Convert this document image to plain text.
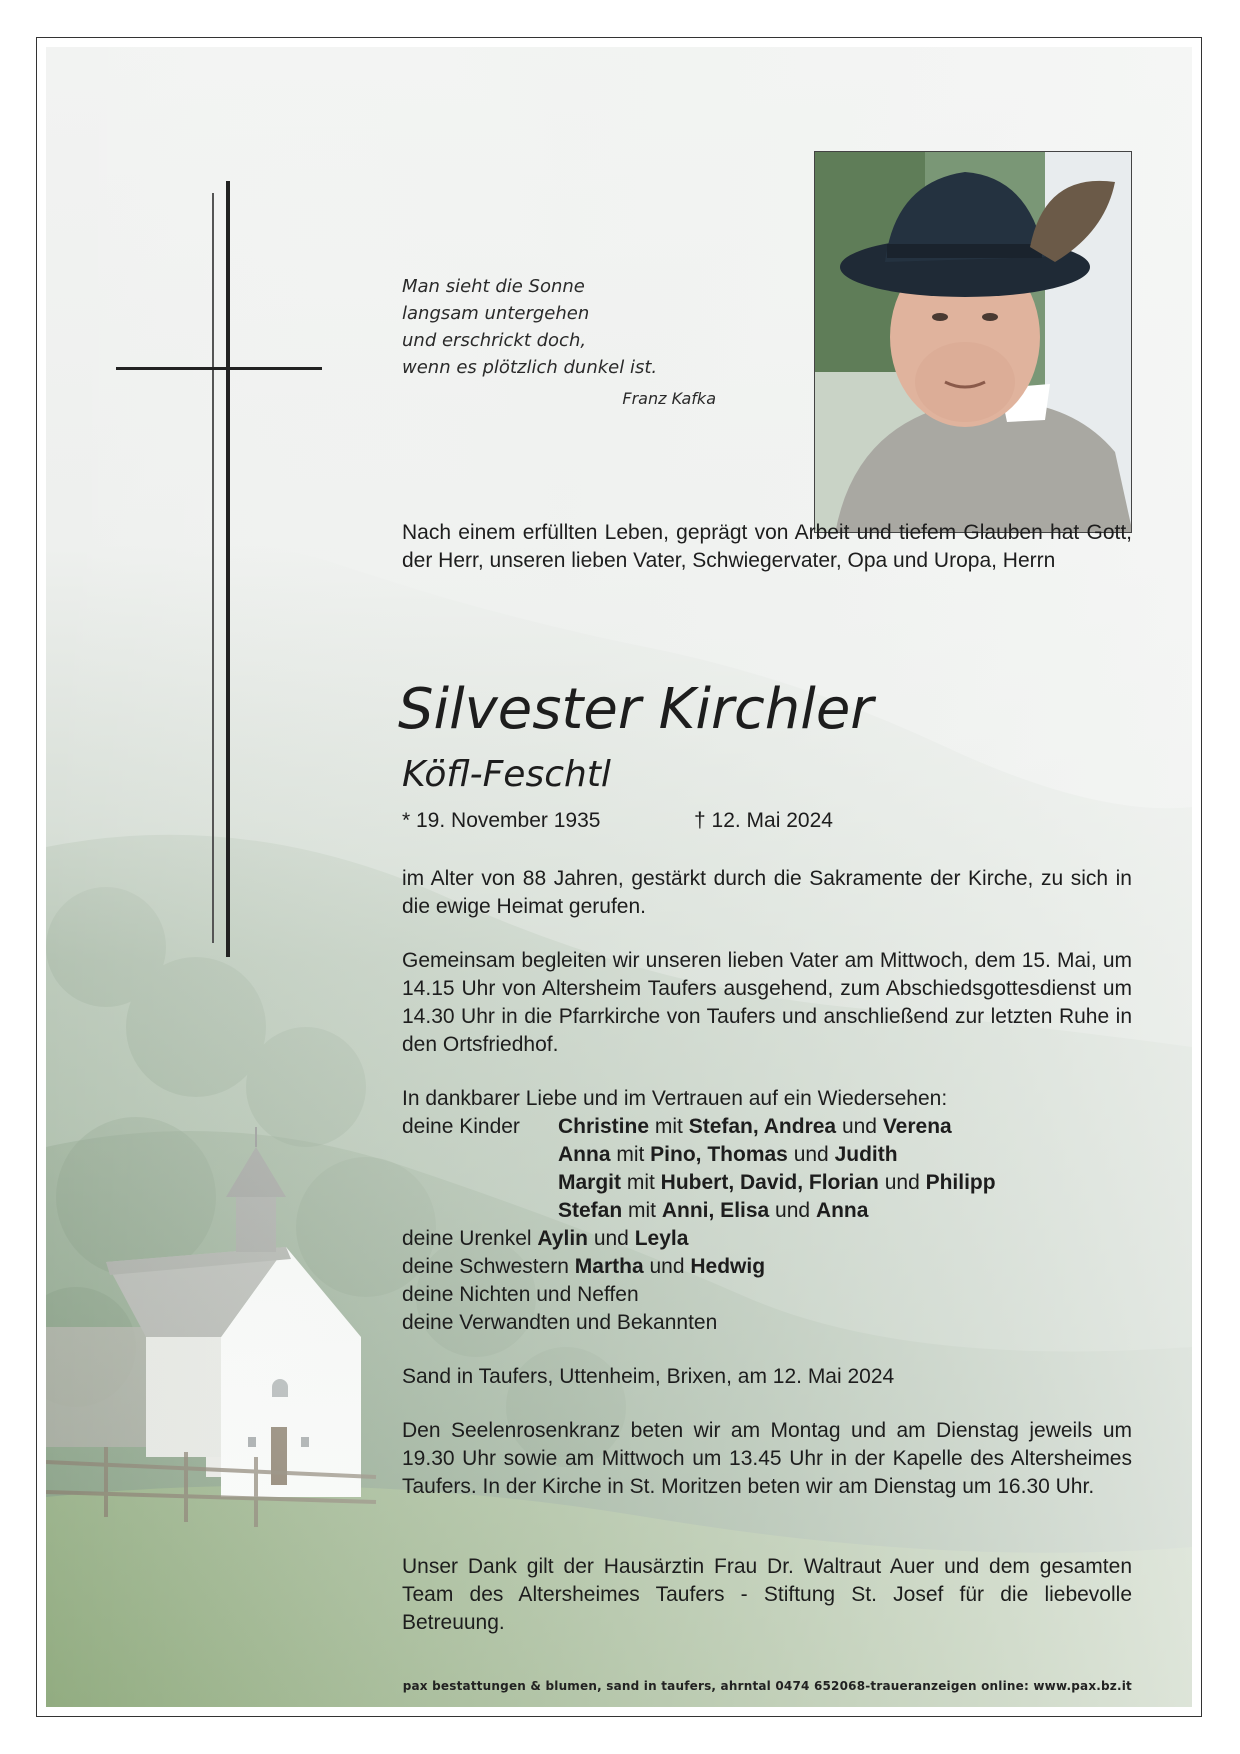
Man sieht die Sonne
langsam untergehen
und erschrickt doch,
wenn es plötzlich dunkel ist.
Franz Kafka
Nach einem erfüllten Leben, geprägt von Arbeit und tiefem Glauben hat Gott, der Herr, unseren lieben Vater, Schwiegervater, Opa und Uropa, Herrn
Silvester Kirchler
Köfl-Feschtl
* 19. November 1935	† 12. Mai 2024
im Alter von 88 Jahren, gestärkt durch die Sakramente der Kirche, zu sich in die ewige Heimat gerufen.
Gemeinsam begleiten wir unseren lieben Vater am Mittwoch, dem 15. Mai, um 14.15 Uhr von Altersheim Taufers ausgehend, zum Abschiedsgottesdienst um 14.30 Uhr in die Pfarrkirche von Taufers und anschließend zur letzten Ruhe in den Ortsfriedhof.
In dankbarer Liebe und im Vertrauen auf ein Wiedersehen:
deine Kinder Christine mit Stefan, Andrea und Verena
Anna mit Pino, Thomas und Judith
Margit mit Hubert, David, Florian und Philipp
Stefan mit Anni, Elisa und Anna
deine Urenkel Aylin und Leyla
deine Schwestern Martha und Hedwig
deine Nichten und Neffen
deine Verwandten und Bekannten
Sand in Taufers, Uttenheim, Brixen, am 12. Mai 2024
Den Seelenrosenkranz beten wir am Montag und am Dienstag jeweils um 19.30 Uhr sowie am Mittwoch um 13.45 Uhr in der Kapelle des Altersheimes Taufers. In der Kirche in St. Moritzen beten wir am Dienstag um 16.30 Uhr.
Unser Dank gilt der Hausärztin Frau Dr. Waltraut Auer und dem gesamten Team des Altersheimes Taufers - Stiftung St. Josef für die liebevolle Betreuung.
pax bestattungen & blumen, sand in taufers, ahrntal 0474 652068-traueranzeigen online: www.pax.bz.it
